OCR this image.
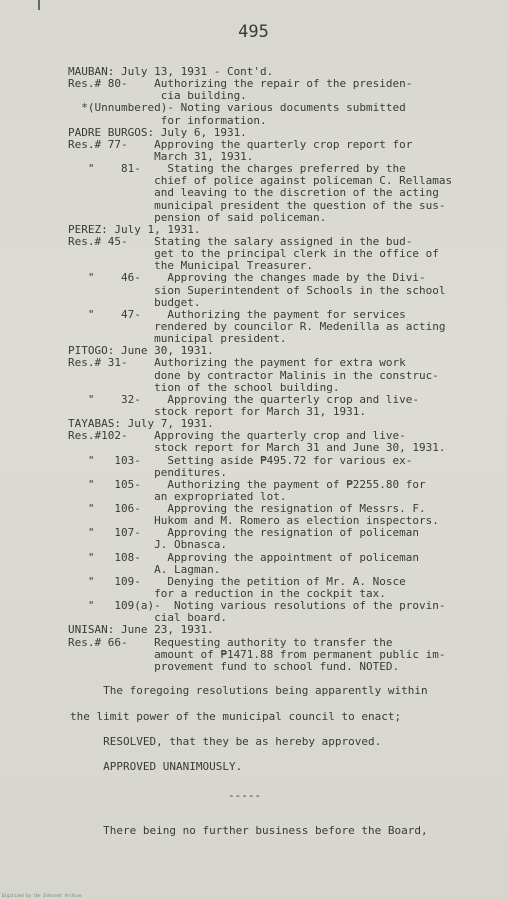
495
MAUBAN: July 13, 1931 - Cont'd.
Res.# 80-    Authorizing the repair of the presiden-
cia building.
*(Unnumbered)- Noting various documents submitted
for information.
PADRE BURGOS: July 6, 1931.
Res.# 77-    Approving the quarterly crop report for
March 31, 1931.
"    81-    Stating the charges preferred by the
chief of police against policeman C. Rellamas
and leaving to the discretion of the acting
municipal president the question of the sus-
pension of said policeman.
PEREZ: July 1, 1931.
Res.# 45-    Stating the salary assigned in the bud-
get to the principal clerk in the office of
the Municipal Treasurer.
"    46-    Approving the changes made by the Divi-
sion Superintendent of Schools in the school
budget.
"    47-    Authorizing the payment for services
rendered by councilor R. Medenilla as acting
municipal president.
PITOGO: June 30, 1931.
Res.# 31-    Authorizing the payment for extra work
done by contractor Malinis in the construc-
tion of the school building.
"    32-    Approving the quarterly crop and live-
stock report for March 31, 1931.
TAYABAS: July 7, 1931.
Res.#102-    Approving the quarterly crop and live-
stock report for March 31 and June 30, 1931.
"   103-    Setting aside ₱495.72 for various ex-
penditures.
"   105-    Authorizing the payment of ₱2255.80 for
an expropriated lot.
"   106-    Approving the resignation of Messrs. F.
Hukom and M. Romero as election inspectors.
"   107-    Approving the resignation of policeman
J. Obnasca.
"   108-    Approving the appointment of policeman
A. Lagman.
"   109-    Denying the petition of Mr. A. Nosce
for a reduction in the cockpit tax.
"   109(a)-  Noting various resolutions of the provin-
cial board.
UNISAN: June 23, 1931.
Res.# 66-    Requesting authority to transfer the
amount of ₱1471.88 from permanent public im-
provement fund to school fund. NOTED.
The foregoing resolutions being apparently within
the limit power of the municipal council to enact;
RESOLVED, that they be as hereby approved.
APPROVED UNANIMOUSLY.
-----
There being no further business before the Board,
Digitized by the Internet Archive
